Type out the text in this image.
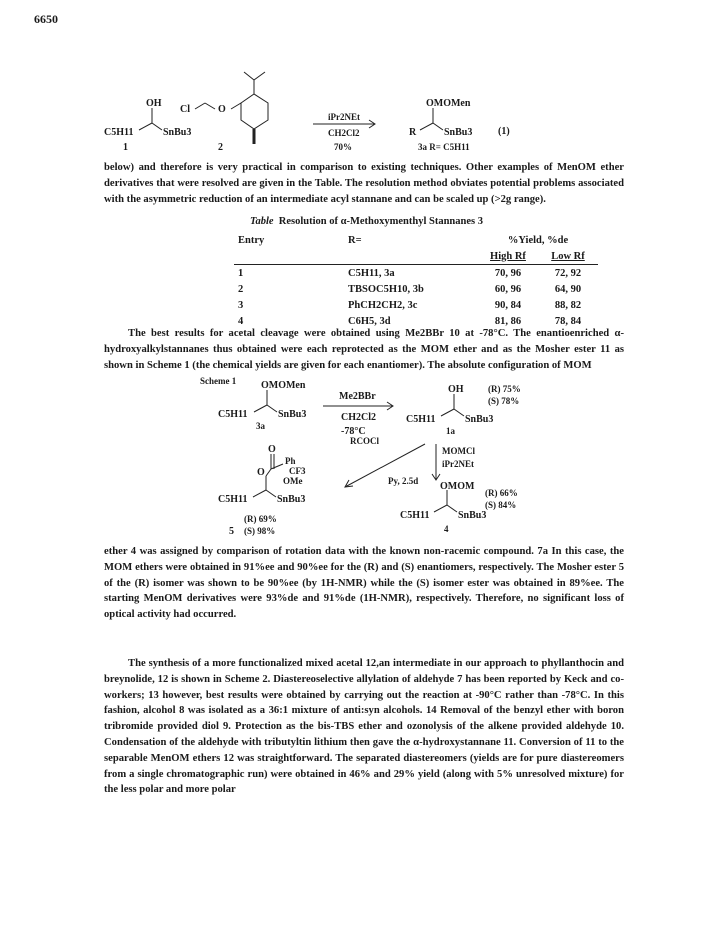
6650
OH
C5H11	SnBu3
1
Cl	O
2
iPr2NEt
CH2Cl2
70%
OMOMen
R	SnBu3
3a R= C5H11
(1)

below) and therefore is very practical in comparison to existing techniques. Other examples of MenOM ether derivatives that were resolved are given in the Table. The resolution method obviates potential problems associated with the asymmetric reduction of an intermediate acyl stannane and can be scaled up (>2g range).

Table Resolution of α-Methoxymenthyl Stannanes 3
Entry	R=	%Yield, %de	
		High Rf	Low Rf
1	C5H11, 3a	70, 96	72, 92
2	TBSOC5H10, 3b	60, 96	64, 90
3	PhCH2CH2, 3c	90, 84	88, 82
4	C6H5, 3d	81, 86	78, 84

The best results for acetal cleavage were obtained using Me2BBr 10 at -78°C. The enantioenriched α-hydroxyalkylstannanes thus obtained were each reprotected as the MOM ether and as the Mosher ester 11 as shown in Scheme 1 (the chemical yields are given for each enantiomer). The absolute configuration of MOM

Scheme 1 OMOMen
C5H11	SnBu3
3a
Me2BBr
CH2Cl2
-78°C
OH
C5H11	SnBu3
1a
(R) 75%
(S) 78%
MOMCl
iPr2NEt
RCOCl
Py, 2.5d OMOM
C5H11	SnBu3
4
(R) 66%
(S) 84%
O
O
Ph
CF3
OMe
C5H11	SnBu3
5
(R) 69%
(S) 98%

ether 4 was assigned by comparison of rotation data with the known non-racemic compound. 7a In this case, the MOM ethers were obtained in 91%ee and 90%ee for the (R) and (S) enantiomers, respectively. The Mosher ester 5 of the (R) isomer was shown to be 90%ee (by 1H-NMR) while the (S) isomer ester was obtained in 89%ee. The starting MenOM derivatives were 93%de and 91%de (1H-NMR), respectively. Therefore, no significant loss of optical activity had occurred.

The synthesis of a more functionalized mixed acetal 12,an intermediate in our approach to phyllanthocin and breynolide, 12 is shown in Scheme 2. Diastereoselective allylation of aldehyde 7 has been reported by Keck and co-workers; 13 however, best results were obtained by carrying out the reaction at -90°C rather than -78°C. In this fashion, alcohol 8 was isolated as a 36:1 mixture of anti:syn alcohols. 14 Removal of the benzyl ether with boron tribromide provided diol 9. Protection as the bis-TBS ether and ozonolysis of the alkene provided aldehyde 10. Condensation of the aldehyde with tributyltin lithium then gave the α-hydroxystannane 11. Conversion of 11 to the separable MenOM ethers 12 was straightforward. The separated diastereomers (yields are for pure diastereomers from a single chromatographic run) were obtained in 46% and 29% yield (along with 5% unresolved mixture) for the less polar and more polar
